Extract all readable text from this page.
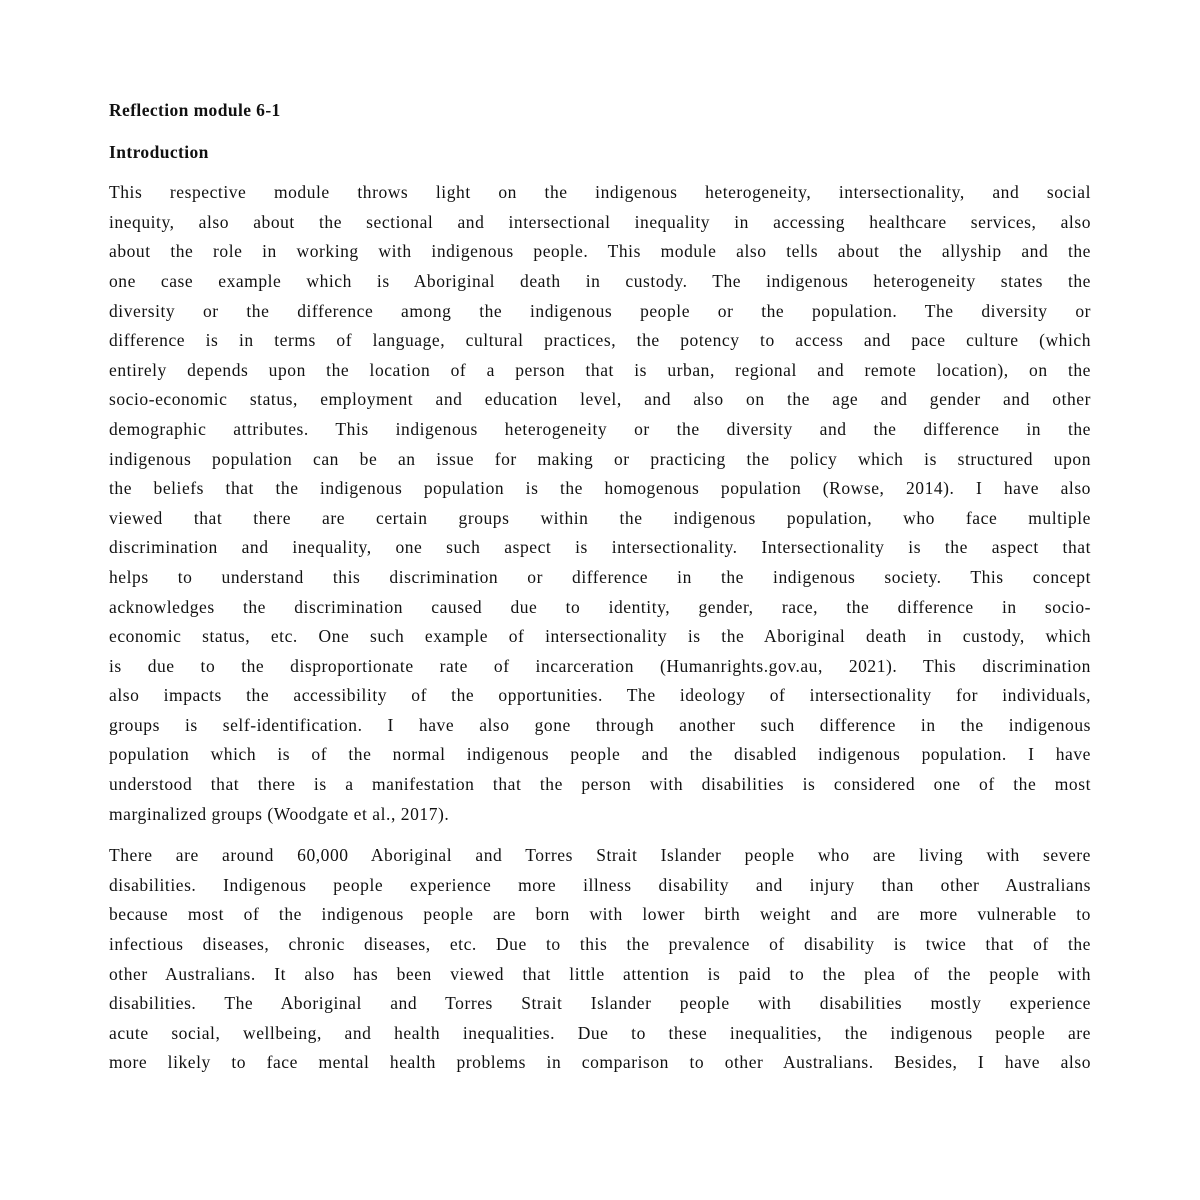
Reflection module 6-1

Introduction

This respective module throws light on the indigenous heterogeneity, intersectionality, and social
inequity, also about the sectional and intersectional inequality in accessing healthcare services, also
about the role in working with indigenous people. This module also tells about the allyship and the
one case example which is Aboriginal death in custody. The indigenous heterogeneity states the
diversity or the difference among the indigenous people or the population. The diversity or
difference is in terms of language, cultural practices, the potency to access and pace culture (which
entirely depends upon the location of a person that is urban, regional and remote location), on the
socio-economic status, employment and education level, and also on the age and gender and other
demographic attributes. This indigenous heterogeneity or the diversity and the difference in the
indigenous population can be an issue for making or practicing the policy which is structured upon
the beliefs that the indigenous population is the homogenous population (Rowse, 2014). I have also
viewed that there are certain groups within the indigenous population, who face multiple
discrimination and inequality, one such aspect is intersectionality. Intersectionality is the aspect that
helps to understand this discrimination or difference in the indigenous society. This concept
acknowledges the discrimination caused due to identity, gender, race, the difference in socio-
economic status, etc. One such example of intersectionality is the Aboriginal death in custody, which
is due to the disproportionate rate of incarceration (Humanrights.gov.au, 2021). This discrimination
also impacts the accessibility of the opportunities. The ideology of intersectionality for individuals,
groups is self-identification. I have also gone through another such difference in the indigenous
population which is of the normal indigenous people and the disabled indigenous population. I have
understood that there is a manifestation that the person with disabilities is considered one of the most
marginalized groups (Woodgate et al., 2017).

There are around 60,000 Aboriginal and Torres Strait Islander people who are living with severe
disabilities. Indigenous people experience more illness disability and injury than other Australians
because most of the indigenous people are born with lower birth weight and are more vulnerable to
infectious diseases, chronic diseases, etc. Due to this the prevalence of disability is twice that of the
other Australians. It also has been viewed that little attention is paid to the plea of the people with
disabilities. The Aboriginal and Torres Strait Islander people with disabilities mostly experience
acute social, wellbeing, and health inequalities. Due to these inequalities, the indigenous people are
more likely to face mental health problems in comparison to other Australians. Besides, I have also
